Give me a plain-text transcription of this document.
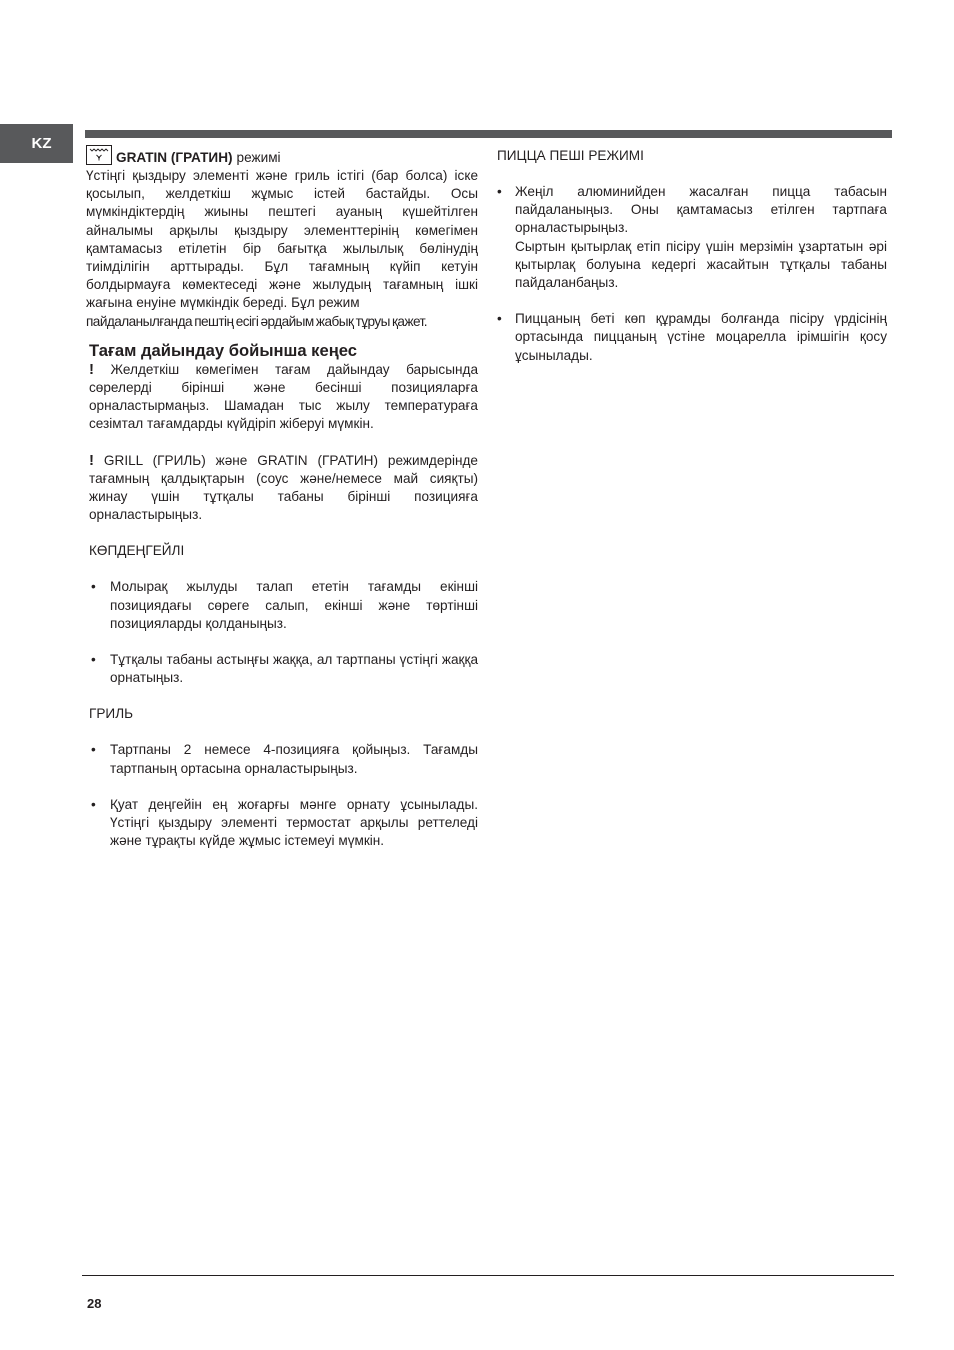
KZ
GRATIN (ГРАТИН) режимі

Үстіңгі қыздыру элементі және гриль істігі (бар болса) іске қосылып, желдеткіш жұмыс істей бастайды. Осы мүмкіндіктердің жиыны пештегі ауаның күшейтілген айналымы арқылы қыздыру элементтерінің көмегімен қамтамасыз етілетін бір бағытқа жылылық бөлінудің тиімділігін арттырады. Бұл тағамның күйіп кетуін болдырмауға көмектеседі және жылудың тағамның ішкі жағына енуіне мүмкіндік береді. Бұл режим

пайдаланылғанда пештің есігі әрдайым жабық тұруы қажет.

Тағам дайындау бойынша кеңес

! Желдеткіш көмегімен тағам дайындау барысында сөрелерді бірінші және бесінші позицияларға орналастырмаңыз. Шамадан тыс жылу температураға сезімтал тағамдарды күйдіріп жіберуі мүмкін.

! GRILL (ГРИЛЬ) және GRATIN (ГРАТИН) режимдерінде тағамның қалдықтарын (соус және/немесе май сияқты) жинау үшін тұтқалы табаны бірінші позицияға орналастырыңыз.

КӨПДЕҢГЕЙЛІ
• Молырақ жылуды талап ететін тағамды екінші позициядағы сөреге салып, екінші және төртінші позицияларды қолданыңыз.
• Тұтқалы табаны астыңғы жаққа, ал тартпаны үстіңгі жаққа орнатыңыз.
ГРИЛЬ
• Тартпаны 2 немесе 4-позицияға қойыңыз. Тағамды тартпаның ортасына орналастырыңыз.
• Қуат деңгейін ең жоғарғы мәнге орнату ұсынылады. Үстіңгі қыздыру элементі термостат арқылы реттеледі және тұрақты күйде жұмыс істемеуі мүмкін.
ПИЦЦА ПЕШІ РЕЖИМІ
• Жеңіл алюминийден жасалған пицца табасын пайдаланыңыз. Оны қамтамасыз етілген тартпаға орналастырыңыз.
Сыртын қытырлақ етіп пісіру үшін мерзімін ұзартатын әрі қытырлақ болуына кедергі жасайтын тұтқалы табаны пайдаланбаңыз.
• Пиццаның беті көп құрамды болғанда пісіру үрдісінің ортасында пиццаның үстіне моцарелла ірімшігін қосу ұсынылады.
28
